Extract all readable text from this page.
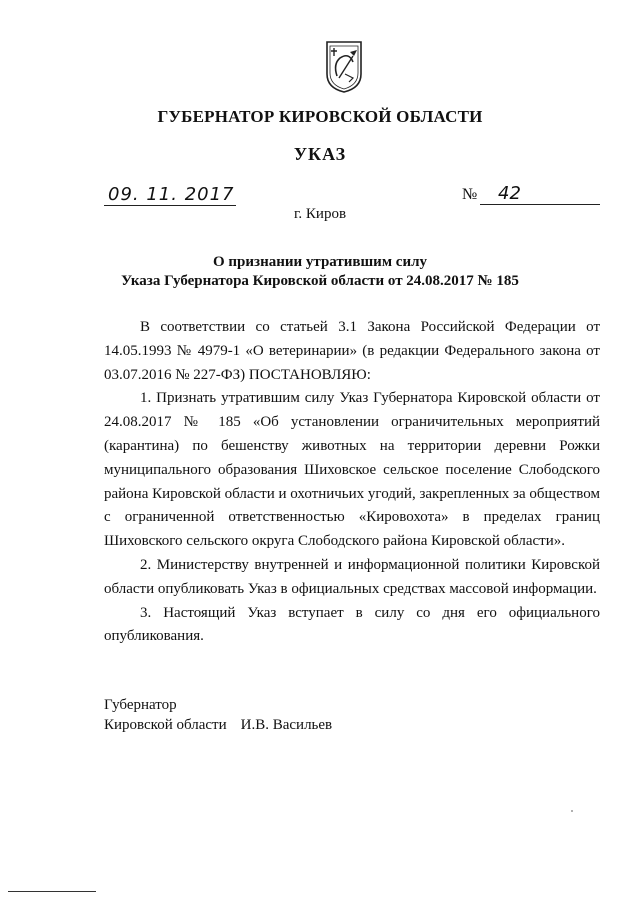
ГУБЕРНАТОР КИРОВСКОЙ ОБЛАСТИ
УКАЗ
09. 11. 2017	№	42
г. Киров
О признании утратившим силу
Указа Губернатора Кировской области от 24.08.2017 № 185

В соответствии со статьей 3.1 Закона Российской Федерации от 14.05.1993 № 4979-1 «О ветеринарии» (в редакции Федерального закона от 03.07.2016 № 227-ФЗ) ПОСТАНОВЛЯЮ:

1. Признать утратившим силу Указ Губернатора Кировской области от 24.08.2017 № 185 «Об установлении ограничительных мероприятий (карантина) по бешенству животных на территории деревни Рожки муниципального образования Шиховское сельское поселение Слободского района Кировской области и охотничьих угодий, закрепленных за обществом с ограниченной ответственностью «Кировохота» в пределах границ Шиховского сельского округа Слободского района Кировской области».

2. Министерству внутренней и информационной политики Кировской области опубликовать Указ в официальных средствах массовой информации.

3. Настоящий Указ вступает в силу со дня его официального опубликования.

Губернатор
Кировской области И.В. Васильев
